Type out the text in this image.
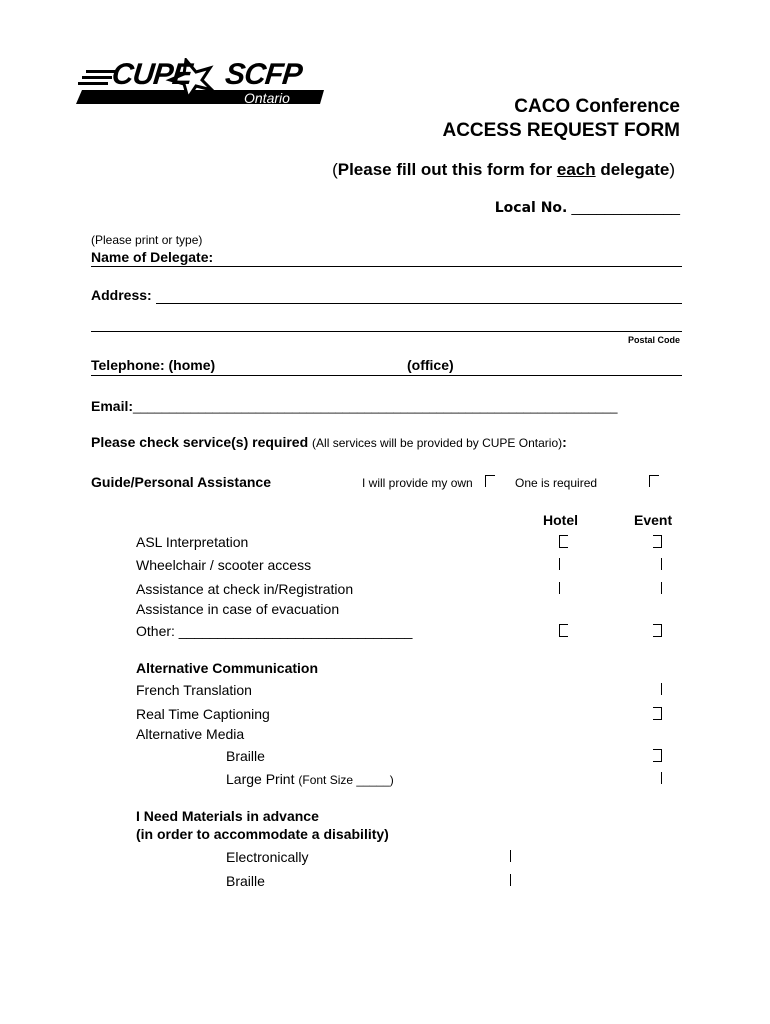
CUPE SCFP
Ontario	CACO Conference
ACCESS REQUEST FORM
(Please fill out this form for each delegate)
Local No. _____________
(Please print or type)
Name of Delegate:
Address:
Postal Code
Telephone: (home)	(office)
Email:___________________________________________________________________
Please check service(s) required (All services will be provided by CUPE Ontario):
Guide/Personal Assistance	I will provide my own	One is required
Hotel	Event
ASL Interpretation
Wheelchair / scooter access
Assistance at check in/Registration
Assistance in case of evacuation
Other: ______________________________
Alternative Communication
French Translation
Real Time Captioning
Alternative Media
Braille
Large Print (Font Size _____)
I Need Materials in advance
(in order to accommodate a disability)
Electronically
Braille
